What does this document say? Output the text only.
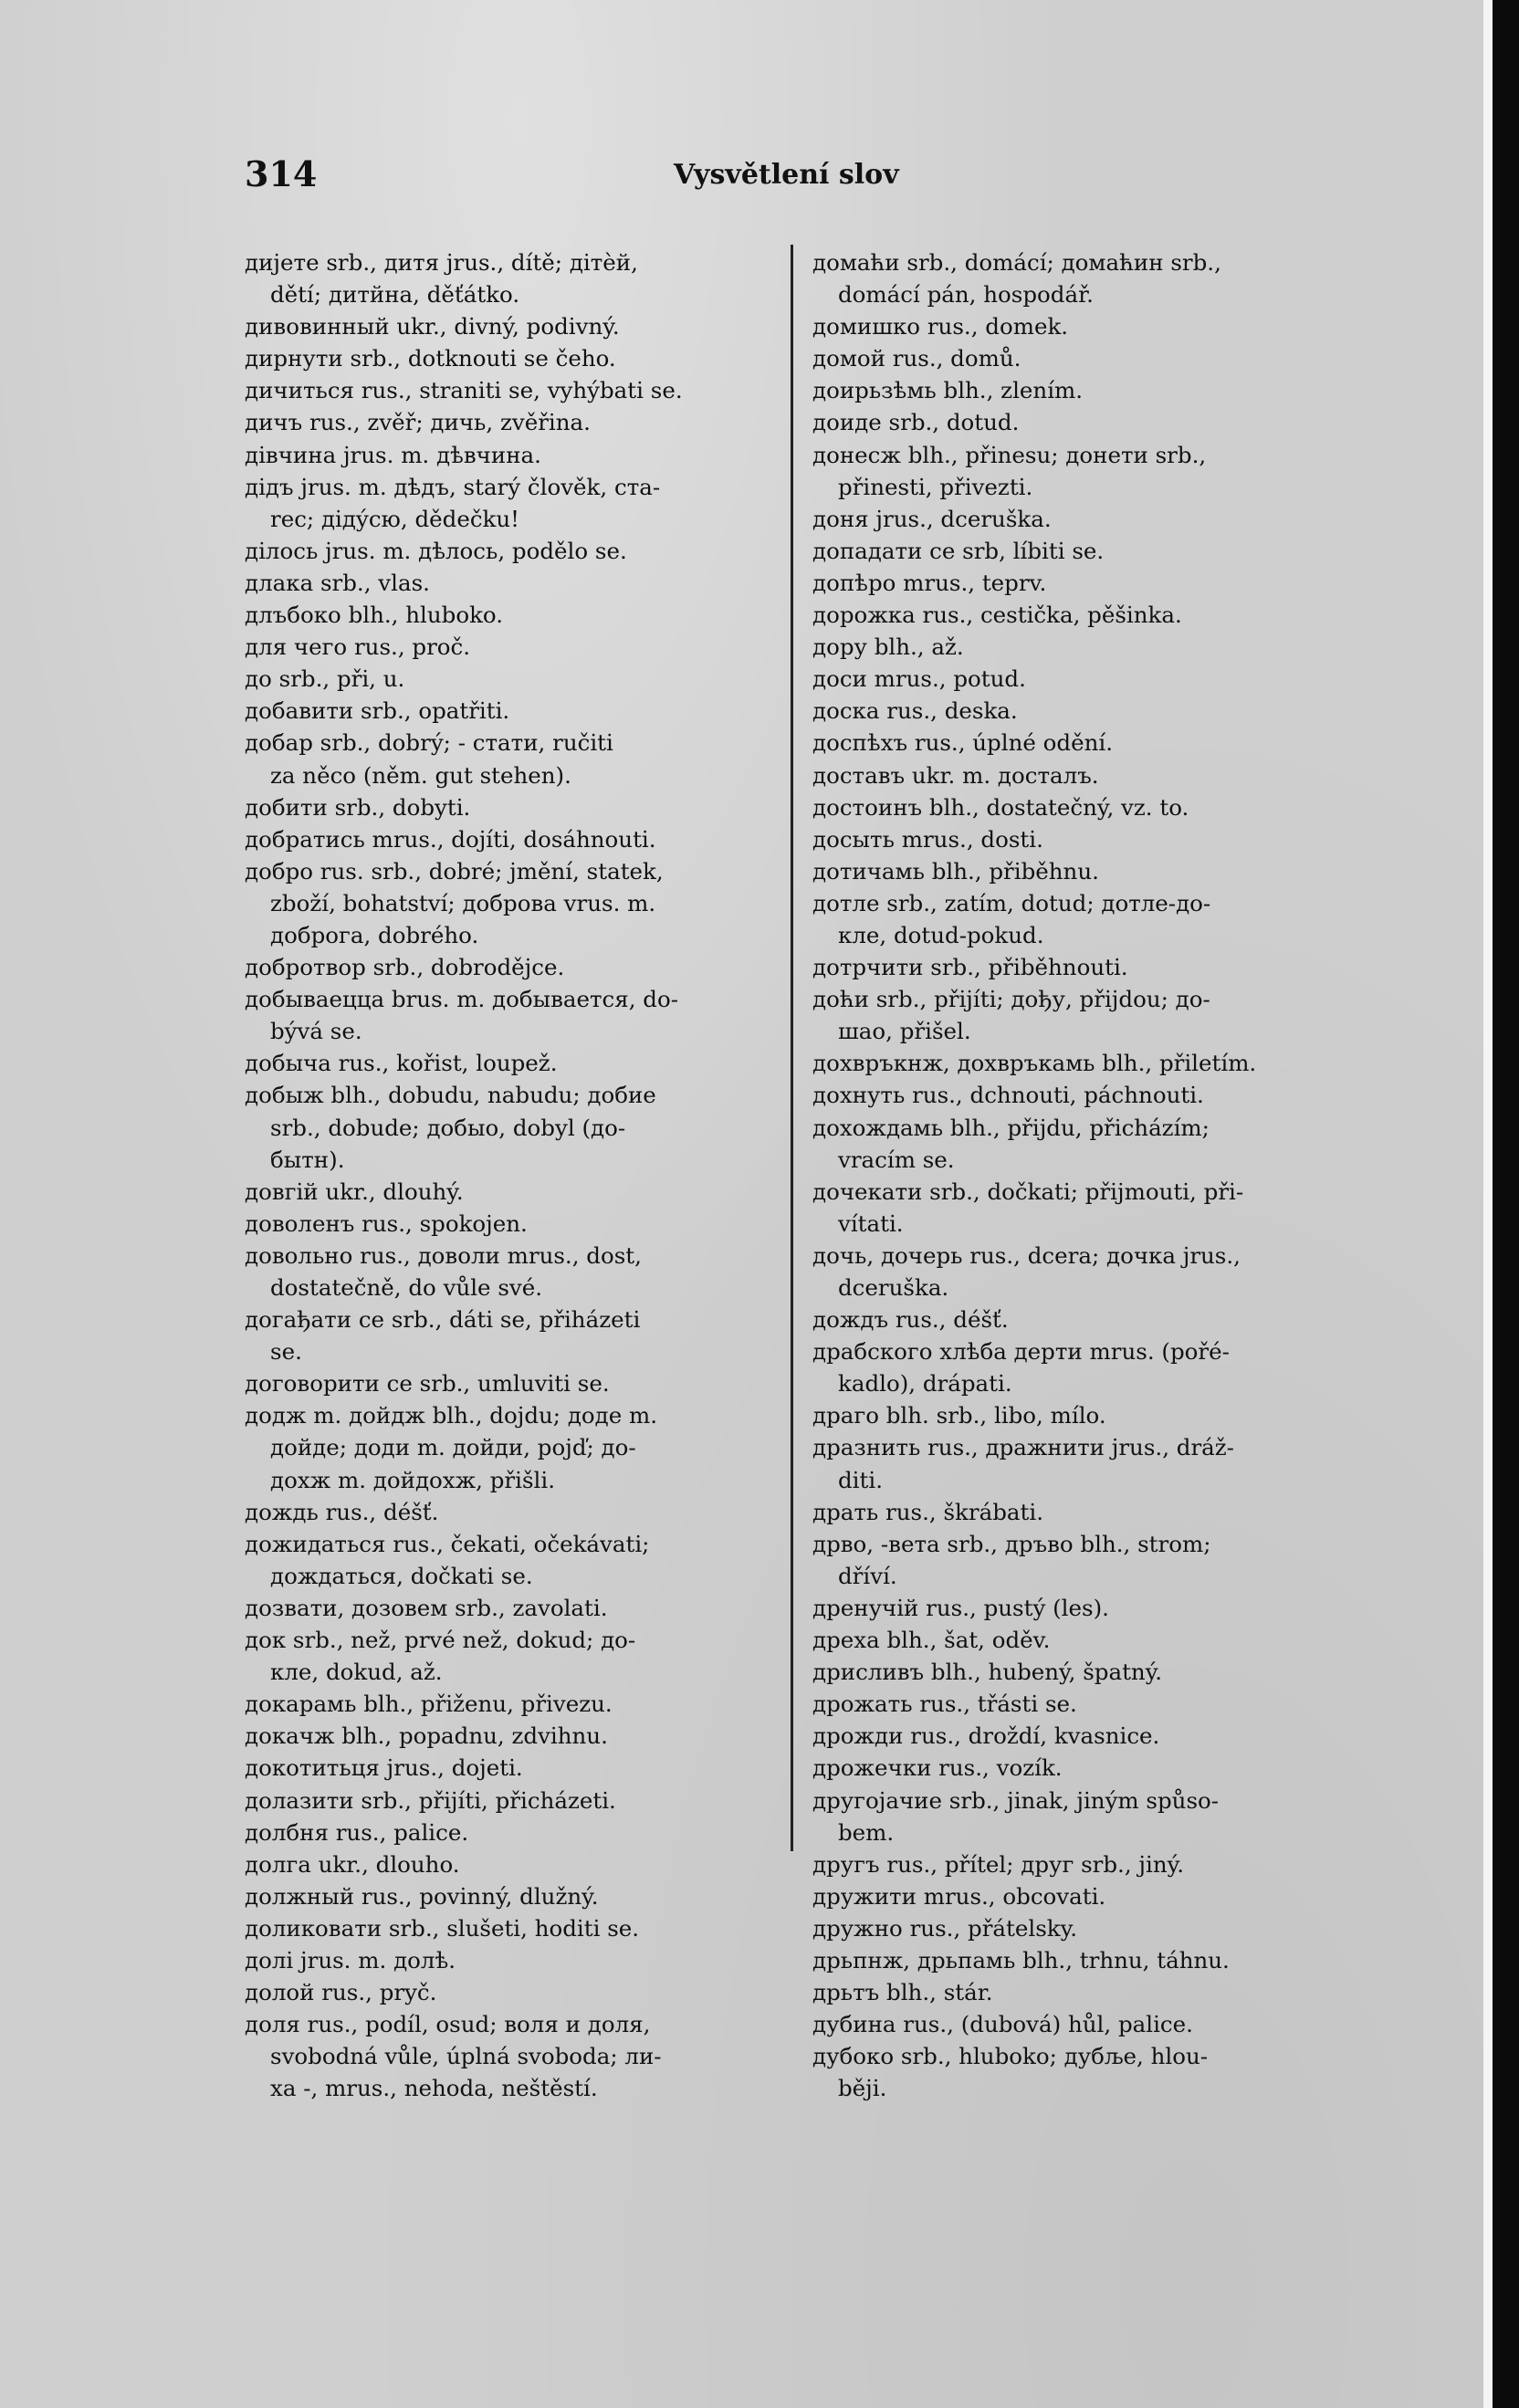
314	Vysvětlení slov
дијете srb., дитя jrus., dítě; дітèй,
dětí; дитйна, děťátko.
дивовинный ukr., divný, podivný.
дирнути srb., dotknouti se čeho.
дичиться rus., straniti se, vyhýbati se.
дичъ rus., zvěř; дичь, zvěřina.
дівчина jrus. m. дѣвчина.
дідъ jrus. m. дѣдъ, starý člověk, ста-
rec; дідýсю, dědečku!
ділось jrus. m. дѣлось, podělo se.
длака srb., vlas.
длъбоко blh., hluboko.
для чего rus., proč.
до srb., při, u.
добавити srb., opatřiti.
добар srb., dobrý; - стати, ručiti
za něco (něm. gut stehen).
добити srb., dobyti.
добратись mrus., dojíti, dosáhnouti.
добро rus. srb., dobré; jmění, statek,
zboží, bohatství; доброва vrus. m.
доброга, dobrého.
добротвор srb., dobrodějce.
добываецца brus. m. добывается, do-
bývá se.
добыча rus., kořist, loupež.
добыж blh., dobudu, nabudu; добие
srb., dobude; добыо, dobyl (до-
бытн).
довгій ukr., dlouhý.
доволенъ rus., spokojen.
довольно rus., доволи mrus., dost,
dostatečně, do vůle své.
догађати се srb., dáti se, přiházeti
se.
договорити се srb., umluviti se.
додж m. дойдж blh., dojdu; доде m.
дойде; доди m. дойди, pojď; до-
дохж m. дойдохж, přišli.
дождь rus., déšť.
дожидаться rus., čekati, očekávati;
дождаться, dočkati se.
дозвати, дозовем srb., zavolati.
док srb., než, prvé než, dokud; до-
кле, dokud, až.
докарамь blh., přiženu, přivezu.
докачж blh., popadnu, zdvihnu.
докотитьця jrus., dojeti.
долазити srb., přijíti, přicházeti.
долбня rus., palice.
долга ukr., dlouho.
должный rus., povinný, dlužný.
доликовати srb., slušeti, hoditi se.
долі jrus. m. долѣ.
долой rus., pryč.
доля rus., podíl, osud; воля и доля,
svobodná vůle, úplná svoboda; ли-
ха -, mrus., nehoda, neštěstí.
домаћи srb., domácí; домаћин srb.,
domácí pán, hospodář.
домишко rus., domek.
домой rus., domů.
доирьзѣмь blh., zlením.
доиде srb., dotud.
донесж blh., přinesu; донети srb.,
přinesti, přivezti.
доня jrus., dceruška.
допадати се srb, líbiti se.
допѣро mrus., teprv.
дорожка rus., cestička, pěšinka.
дору blh., až.
доси mrus., potud.
доска rus., deska.
доспѣхъ rus., úplné odění.
доставъ ukr. m. досталъ.
достоинъ blh., dostatečný, vz. to.
досыть mrus., dosti.
дотичамь blh., přiběhnu.
дотле srb., zatím, dotud; дотле-до-
кле, dotud-pokud.
дотрчити srb., přiběhnouti.
доћи srb., přijíti; дођу, přijdou; до-
шао, přišel.
дохвръкнж, дохвръкамь blh., přiletím.
дохнуть rus., dchnouti, páchnouti.
дохождамь blh., přijdu, přicházím;
vracím se.
дочекати srb., dočkati; přijmouti, při-
vítati.
дочь, дочерь rus., dcera; дочка jrus.,
dceruška.
дождъ rus., déšť.
драбского хлѣба дерти mrus. (pořé-
kadlo), drápati.
драго blh. srb., libo, mílo.
дразнить rus., дражнити jrus., dráž-
diti.
драть rus., škrábati.
дрво, -вета srb., дръво blh., strom;
dříví.
дренучій rus., pustý (les).
дреха blh., šat, oděv.
дрисливъ blh., hubený, špatný.
дрожать rus., třásti se.
дрожди rus., droždí, kvasnice.
дрожечки rus., vozík.
другојачие srb., jinak, jiným spůso-
bem.
другъ rus., přítel; друг srb., jiný.
дружити mrus., obcovati.
дружно rus., přátelsky.
дрьпнж, дрьпамь blh., trhnu, táhnu.
дрьтъ blh., stár.
дубина rus., (dubová) hůl, palice.
дубоко srb., hluboko; дубље, hlou-
běji.
